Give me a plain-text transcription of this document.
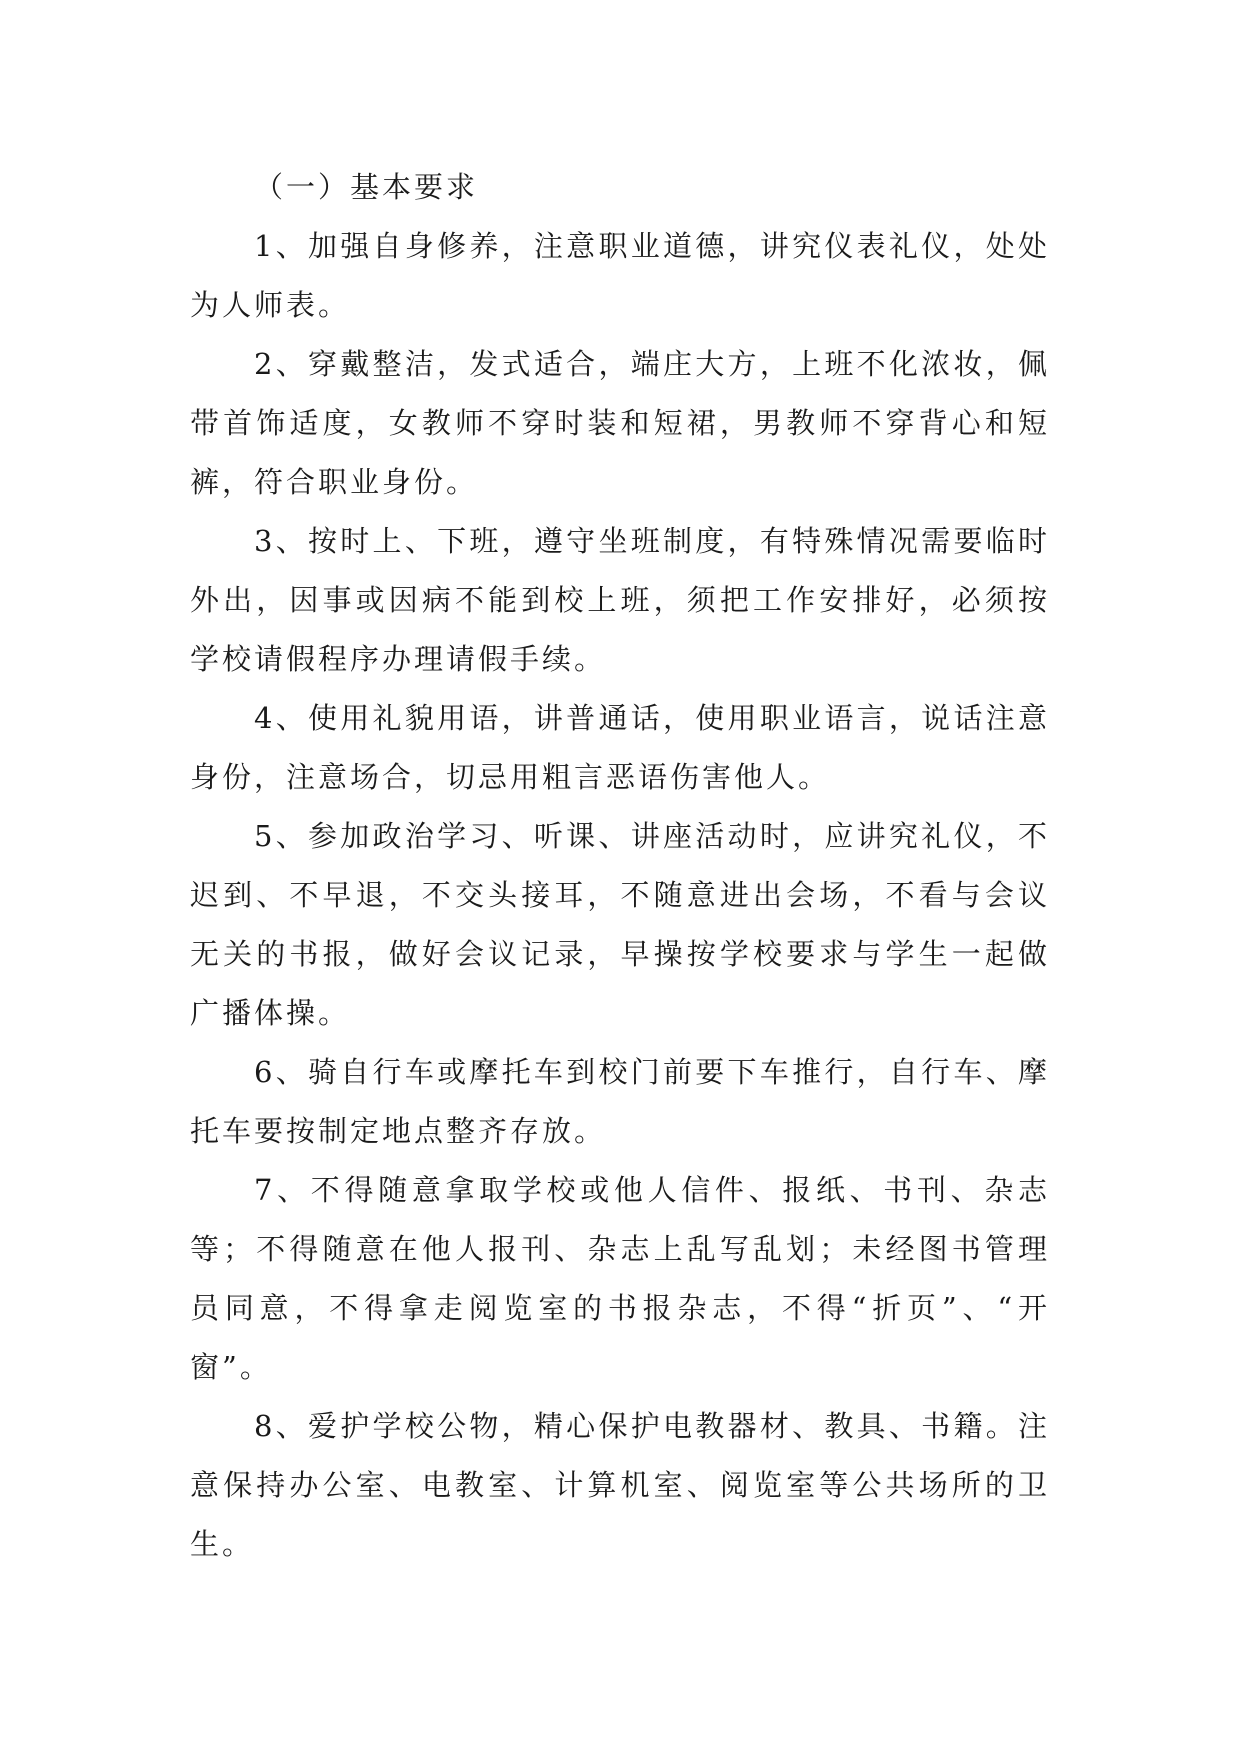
（一）基本要求

1、加强自身修养，注意职业道德，讲究仪表礼仪，处处为人师表。

2、穿戴整洁，发式适合，端庄大方，上班不化浓妆，佩带首饰适度，女教师不穿时装和短裙，男教师不穿背心和短裤，符合职业身份。

3、按时上、下班，遵守坐班制度，有特殊情况需要临时外出，因事或因病不能到校上班，须把工作安排好，必须按学校请假程序办理请假手续。

4、使用礼貌用语，讲普通话，使用职业语言，说话注意身份，注意场合，切忌用粗言恶语伤害他人。

5、参加政治学习、听课、讲座活动时，应讲究礼仪，不迟到、不早退，不交头接耳，不随意进出会场，不看与会议无关的书报，做好会议记录，早操按学校要求与学生一起做广播体操。

6、骑自行车或摩托车到校门前要下车推行，自行车、摩托车要按制定地点整齐存放。

7、不得随意拿取学校或他人信件、报纸、书刊、杂志等；不得随意在他人报刊、杂志上乱写乱划；未经图书管理员同意，不得拿走阅览室的书报杂志，不得“折页”、“开窗”。

8、爱护学校公物，精心保护电教器材、教具、书籍。注意保持办公室、电教室、计算机室、阅览室等公共场所的卫生。
